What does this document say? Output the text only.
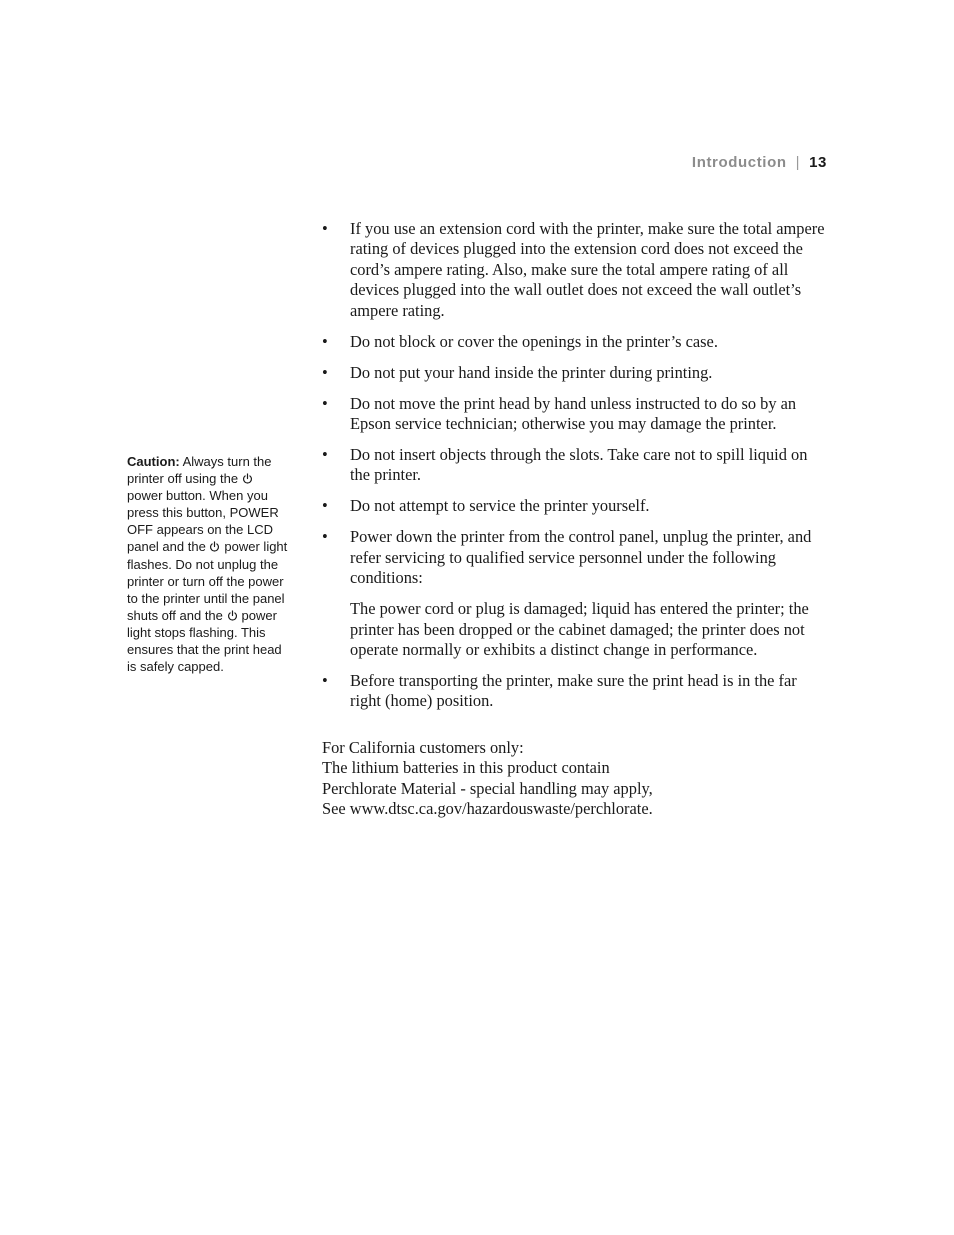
Introduction | 13
Caution: Always turn the printer off using the power button. When you press this button, POWER OFF appears on the LCD panel and the power light flashes. Do not unplug the printer or turn off the power to the printer until the panel shuts off and the power light stops flashing. This ensures that the print head is safely capped.
• If you use an extension cord with the printer, make sure the total ampere rating of devices plugged into the extension cord does not exceed the cord’s ampere rating. Also, make sure the total ampere rating of all devices plugged into the wall outlet does not exceed the wall outlet’s ampere rating.

• Do not block or cover the openings in the printer’s case.

• Do not put your hand inside the printer during printing.

• Do not move the print head by hand unless instructed to do so by an Epson service technician; otherwise you may damage the printer.

• Do not insert objects through the slots. Take care not to spill liquid on the printer.

• Do not attempt to service the printer yourself.

• Power down the printer from the control panel, unplug the printer, and refer servicing to qualified service personnel under the following conditions:

The power cord or plug is damaged; liquid has entered the printer; the printer has been dropped or the cabinet damaged; the printer does not operate normally or exhibits a distinct change in performance.

• Before transporting the printer, make sure the print head is in the far right (home) position.

For California customers only:
The lithium batteries in this product contain
Perchlorate Material - special handling may apply,
See www.dtsc.ca.gov/hazardouswaste/perchlorate.
